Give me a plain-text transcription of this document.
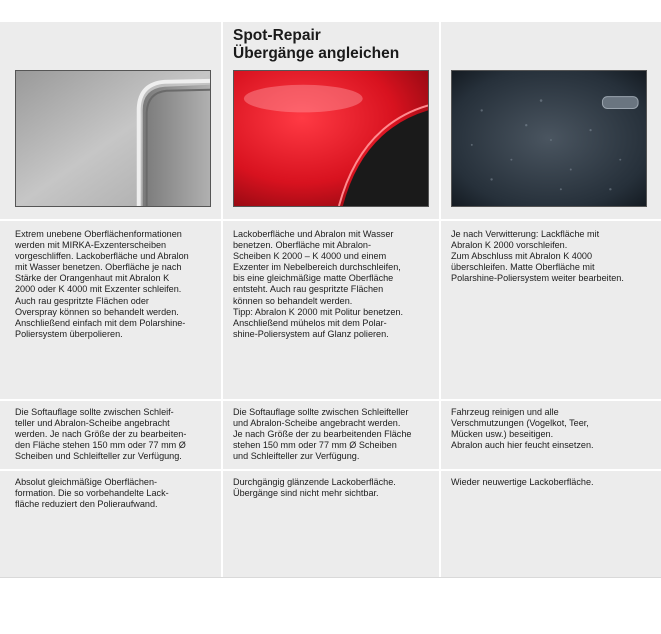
Spot-Repair
Übergänge angleichen

Extrem unebene Oberflächenformationen
werden mit MIRKA-Exzenterscheiben
vorgeschliffen. Lackoberfläche und Abralon
mit Wasser benetzen. Oberfläche je nach
Stärke der Orangenhaut mit Abralon K
2000 oder K 4000 mit Exzenter schleifen.
Auch rau gespritzte Flächen oder
Overspray können so behandelt werden.
Anschließend einfach mit dem Polarshine-
Poliersystem überpolieren.

Lackoberfläche und Abralon mit Wasser
benetzen. Oberfläche mit Abralon-
Scheiben K 2000 – K 4000 und einem
Exzenter im Nebelbereich durchschleifen,
bis eine gleichmäßige matte Oberfläche
entsteht. Auch rau gespritzte Flächen
können so behandelt werden.
Tipp: Abralon K 2000 mit Politur benetzen.
Anschließend mühelos mit dem Polar-
shine-Poliersystem auf Glanz polieren.

Je nach Verwitterung: Lackfläche mit
Abralon K 2000 vorschleifen.
Zum Abschluss mit Abralon K 4000
überschleifen. Matte Oberfläche mit
Polarshine-Poliersystem weiter bearbeiten.

Die Softauflage sollte zwischen Schleif-
teller und Abralon-Scheibe angebracht
werden. Je nach Größe der zu bearbeiten-
den Fläche stehen 150 mm oder 77 mm Ø
Scheiben und Schleifteller zur Verfügung.

Die Softauflage sollte zwischen Schleifteller
und Abralon-Scheibe angebracht werden.
Je nach Größe der zu bearbeitenden Fläche
stehen 150 mm oder 77 mm Ø Scheiben
und Schleifteller zur Verfügung.

Fahrzeug reinigen und alle
Verschmutzungen (Vogelkot, Teer,
Mücken usw.) beseitigen.
Abralon auch hier feucht einsetzen.

Absolut gleichmäßige Oberflächen-
formation. Die so vorbehandelte Lack-
fläche reduziert den Polieraufwand.

Durchgängig glänzende Lackoberfläche.
Übergänge sind nicht mehr sichtbar.

Wieder neuwertige Lackoberfläche.
